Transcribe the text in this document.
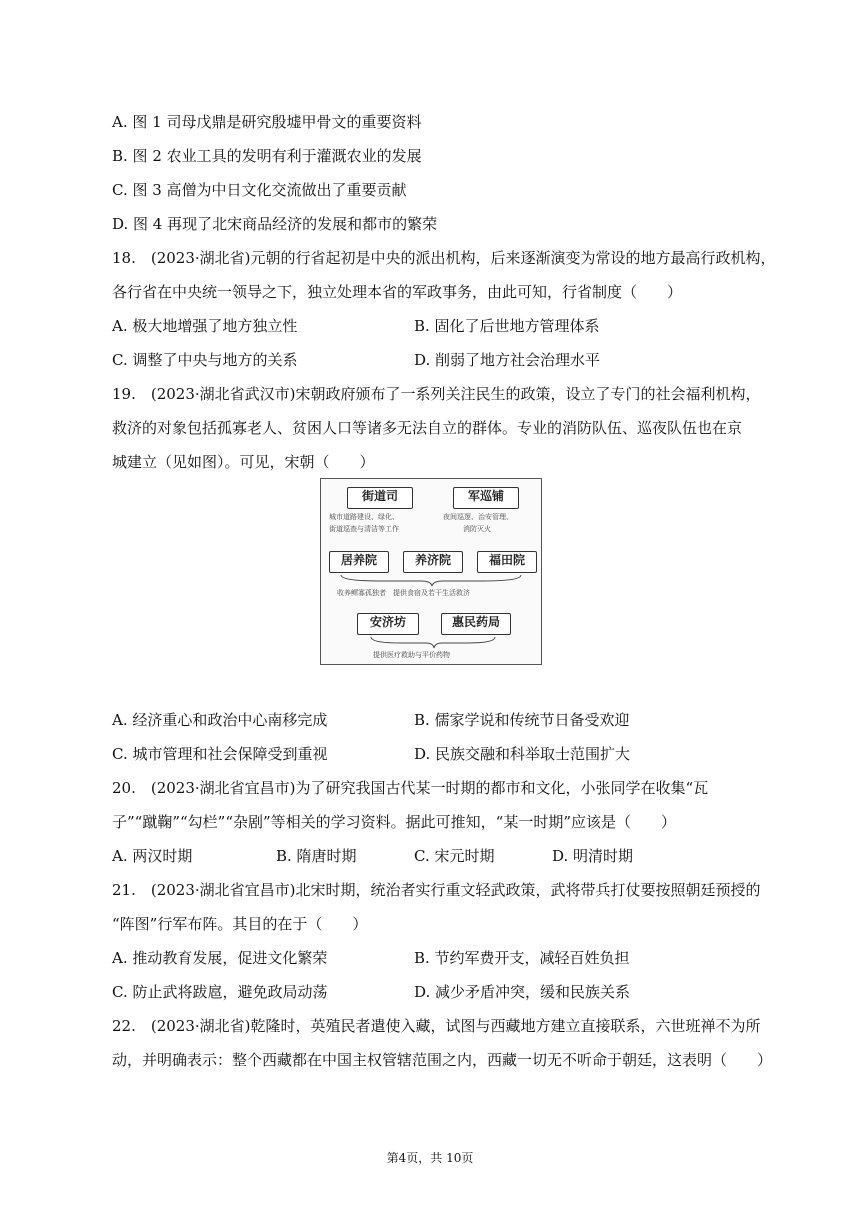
A. 图 1 司母戊鼎是研究殷墟甲骨文的重要资料
B. 图 2 农业工具的发明有利于灌溉农业的发展
C. 图 3 高僧为中日文化交流做出了重要贡献
D. 图 4 再现了北宋商品经济的发展和都市的繁荣
18.　(2023·湖北省)元朝的行省起初是中央的派出机构，后来逐渐演变为常设的地方最高行政机构，
各行省在中央统一领导之下，独立处理本省的军政事务，由此可知，行省制度（　　）
A. 极大地增强了地方独立性	B. 固化了后世地方管理体系
C. 调整了中央与地方的关系	D. 削弱了地方社会治理水平
19.　(2023·湖北省武汉市)宋朝政府颁布了一系列关注民生的政策，设立了专门的社会福利机构，
救济的对象包括孤寡老人、贫困人口等诸多无法自立的群体。专业的消防队伍、巡夜队伍也在京
城建立（见如图）。可见，宋朝（　　）
街道司	军巡铺
城市道路建设、绿化、
街道巡查与清洁等工作
夜间巡逻、治安管理、
消防灭火
居养院	养济院	福田院
收养鳏寡孤独者　提供食宿及若干生活救济
安济坊	惠民药局
提供医疗救助与平价药物
A. 经济重心和政治中心南移完成	B. 儒家学说和传统节日备受欢迎
C. 城市管理和社会保障受到重视	D. 民族交融和科举取士范围扩大
20.　(2023·湖北省宜昌市)为了研究我国古代某一时期的都市和文化，小张同学在收集“瓦
子”“蹴鞠”“勾栏”“杂剧”等相关的学习资料。据此可推知，“某一时期”应该是（　　）
A. 两汉时期	B. 隋唐时期	C. 宋元时期	D. 明清时期
21.　(2023·湖北省宜昌市)北宋时期，统治者实行重文轻武政策，武将带兵打仗要按照朝廷预授的
“阵图”行军布阵。其目的在于（　　）
A. 推动教育发展，促进文化繁荣	B. 节约军费开支，减轻百姓负担
C. 防止武将跋扈，避免政局动荡	D. 减少矛盾冲突，缓和民族关系
22.　(2023·湖北省)乾隆时，英殖民者遣使入藏，试图与西藏地方建立直接联系，六世班禅不为所
动，并明确表示：整个西藏都在中国主权管辖范围之内，西藏一切无不听命于朝廷，这表明（　　）
第4页，共 10页
